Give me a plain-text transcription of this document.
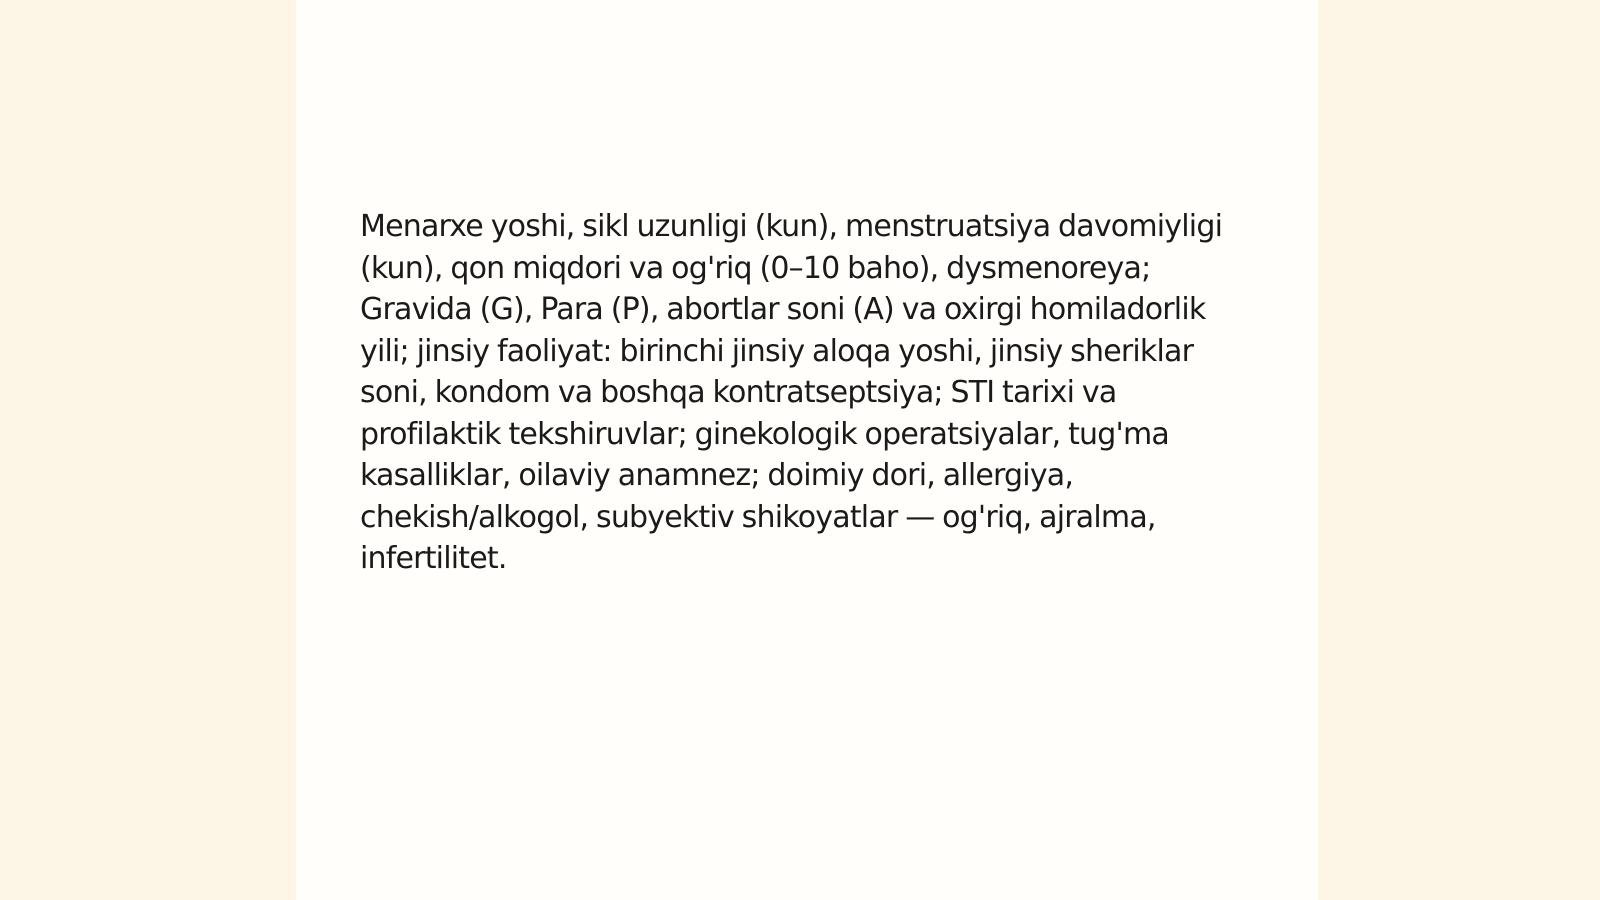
Menarxe yoshi, sikl uzunligi (kun), menstruatsiya davomiyligi (kun), qon miqdori va og'riq (0–10 baho), dysmenoreya; Gravida (G), Para (P), abortlar soni (A) va oxirgi homiladorlik yili; jinsiy faoliyat: birinchi jinsiy aloqa yoshi, jinsiy sheriklar soni, kondom va boshqa kontratseptsiya; STI tarixi va profilaktik tekshiruvlar; ginekologik operatsiyalar, tug'ma kasalliklar, oilaviy anamnez; doimiy dori, allergiya, chekish/alkogol, subyektiv shikoyatlar — og'riq, ajralma, infertilitet.
